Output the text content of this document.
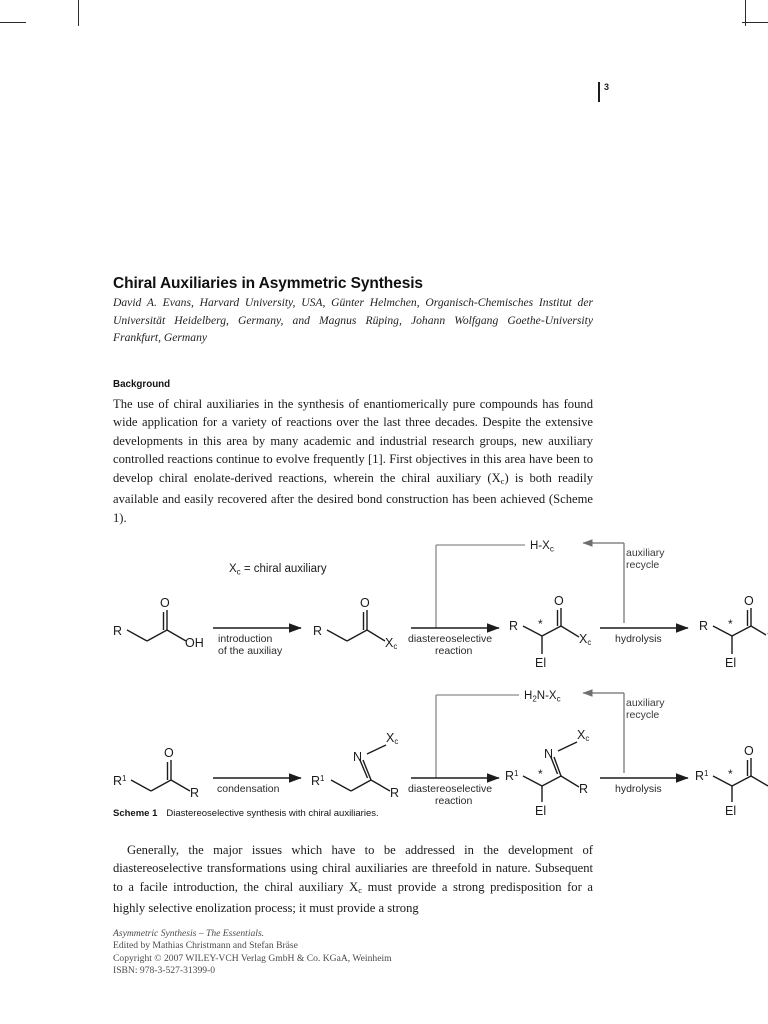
3
Chiral Auxiliaries in Asymmetric Synthesis
David A. Evans, Harvard University, USA, Günter Helmchen, Organisch-Chemisches Institut der Universität Heidelberg, Germany, and Magnus Rüping, Johann Wolfgang Goethe-University Frankfurt, Germany
Background

The use of chiral auxiliaries in the synthesis of enantiomerically pure compounds has found wide application for a variety of reactions over the last three decades. Despite the extensive developments in this area by many academic and industrial research groups, new auxiliary controlled reactions continue to evolve frequently [1]. First objectives in this area have been to develop chiral enolate-derived reactions, wherein the chiral auxiliary $(X_c)$ is both readily available and easily recovered after the desired bond construction has been achieved (Scheme 1).

$H-X_c$	auxiliary
recycle
$X_c$ = chiral auxiliary
R
O
OH introduction
of the auxiliay
R
O
Xc
diastereoselective
reaction
R *
El
O
Xc hydrolysis
R *
El
O
$H_2N-X_c$	auxiliary
recycle
$R^1$
O
R condensation
$R^1$
N
Xc
R diastereoselective
reaction
$R^1$ *
El
N
Xc
R	hydrolysis
$R^1$ *
El
O
Scheme 1 Diastereoselective synthesis with chiral auxiliaries.

Generally, the major issues which have to be addressed in the development of diastereoselective transformations using chiral auxiliaries are threefold in nature. Subsequent to a facile introduction, the chiral auxiliary $X_c$ must provide a strong predisposition for a highly selective enolization process; it must provide a strong

Asymmetric Synthesis – The Essentials.
Edited by Mathias Christmann and Stefan Bräse
Copyright © 2007 WILEY-VCH Verlag GmbH & Co. KGaA, Weinheim
ISBN: 978-3-527-31399-0
